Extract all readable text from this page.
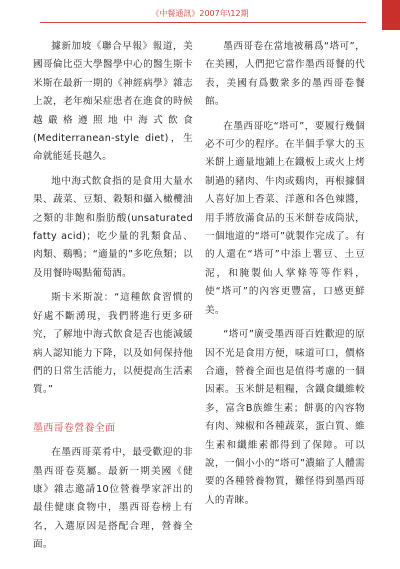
《中餐通訊》2007年\12期

據新加坡《聯合早報》報道，美國哥倫比亞大學醫學中心的醫生斯卡米斯在最新一期的《神經病學》雜志上說，老年痴呆症患者在進食的時候越嚴格遵照地中海式飲食(Mediterranean-style diet)，生命就能延長越久。

地中海式飲食指的是食用大量水果、蔬菜、豆類、穀類和攝入橄欖油之類的非飽和脂肪酸(unsaturated fatty acid)；吃少量的乳類食品、肉類、鷄鴨；“適量的”多吃魚類；以及用餐時喝點葡萄酒。

斯卡米斯說：“這種飲食習慣的好處不斷湧現，我們將進行更多研究，了解地中海式飲食是否也能減緩病人認知能力下降，以及如何保持他們的日常生活能力，以便提高生活素質。”

墨西哥卷營養全面

在墨西哥菜肴中，最受歡迎的非墨西哥卷莫屬。最新一期美國《健康》雜志邀請10位營養學家評出的最佳健康食物中，墨西哥卷榜上有名，入選原因是搭配合理，營養全面。

墨西哥卷在當地被稱爲“塔可”，在美國，人們把它當作墨西哥餐的代表，美國有爲數衆多的墨西哥卷餐館。

在墨西哥吃“塔可”，要履行幾個必不可少的程序。在半個手掌大的玉米餅上適量地鋪上在鐵板上或火上烤制過的豬肉、牛肉或鷄肉，再根據個人喜好加上香菜、洋蔥和各色辣醬，用手將放滿食品的玉米餅卷成筒狀，一個地道的“塔可”就製作完成了。有的人還在“塔可”中添上薯豆、土豆泥，和腌製仙人掌條等等作料，使“塔可”的內容更豐富，口感更鮮美。

“塔可”廣受墨西哥百姓歡迎的原因不光是食用方便，味道可口，價格合適，營養全面也是值得考慮的一個因素。玉米餅是粗糧，含鐵食纖維較多，富含B族維生素；餅裏的內容物有肉、辣椒和各種蔬菜，蛋白質、維生素和纖維素都得到了保障。可以說，一個小小的“塔可”濃縮了人體需要的各種營養物質，難怪得到墨西哥人的青睞。
